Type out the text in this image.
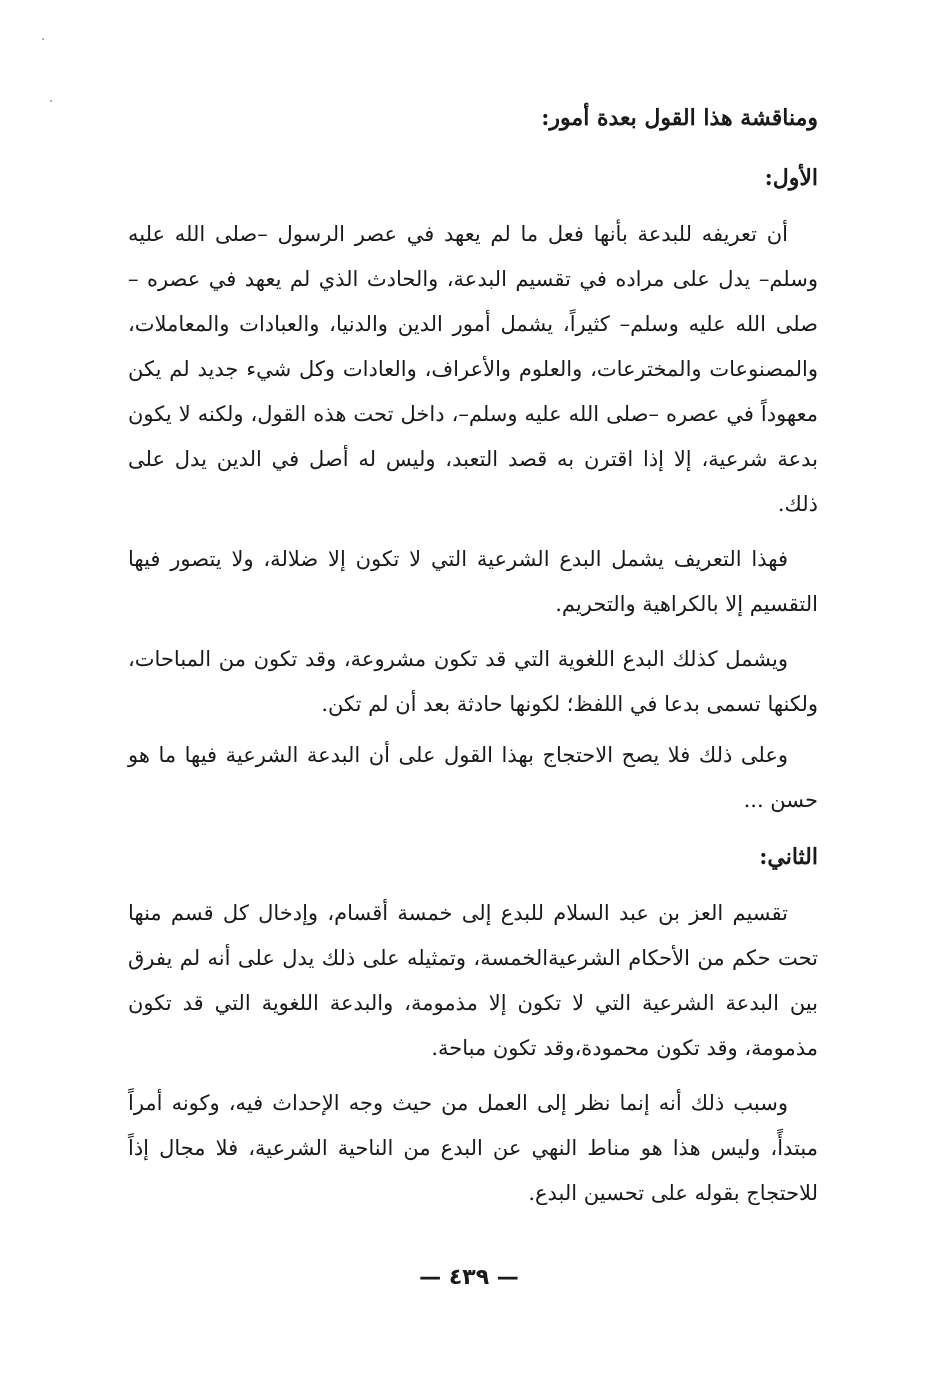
ومناقشة هذا القول بعدة أمور:
الأول:

أن تعريفه للبدعة بأنها فعل ما لم يعهد في عصر الرسول –صلى الله عليه وسلم– يدل على مراده في تقسيم البدعة، والحادث الذي لم يعهد في عصره –صلى الله عليه وسلم– كثيراً، يشمل أمور الدين والدنيا، والعبادات والمعاملات، والمصنوعات والمخترعات، والعلوم والأعراف، والعادات وكل شيء جديد لم يكن معهوداً في عصره –صلى الله عليه وسلم–، داخل تحت هذه القول، ولكنه لا يكون بدعة شرعية، إلا إذا اقترن به قصد التعبد، وليس له أصل في الدين يدل على ذلك.

فهذا التعريف يشمل البدع الشرعية التي لا تكون إلا ضلالة، ولا يتصور فيها التقسيم إلا بالكراهية والتحريم.

ويشمل كذلك البدع اللغوية التي قد تكون مشروعة، وقد تكون من المباحات، ولكنها تسمى بدعا في اللفظ؛ لكونها حادثة بعد أن لم تكن.

وعلى ذلك فلا يصح الاحتجاج بهذا القول على أن البدعة الشرعية فيها ما هو حسن ...

الثاني:

تقسيم العز بن عبد السلام للبدع إلى خمسة أقسام، وإدخال كل قسم منها تحت حكم من الأحكام الشرعيةالخمسة، وتمثيله على ذلك يدل على أنه لم يفرق بين البدعة الشرعية التي لا تكون إلا مذمومة، والبدعة اللغوية التي قد تكون مذمومة، وقد تكون محمودة،وقد تكون مباحة.

وسبب ذلك أنه إنما نظر إلى العمل من حيث وجه الإحداث فيه، وكونه أمراً مبتدأً، وليس هذا هو مناط النهي عن البدع من الناحية الشرعية، فلا مجال إذاً للاحتجاج بقوله على تحسين البدع.

— ٤٣٩ —
